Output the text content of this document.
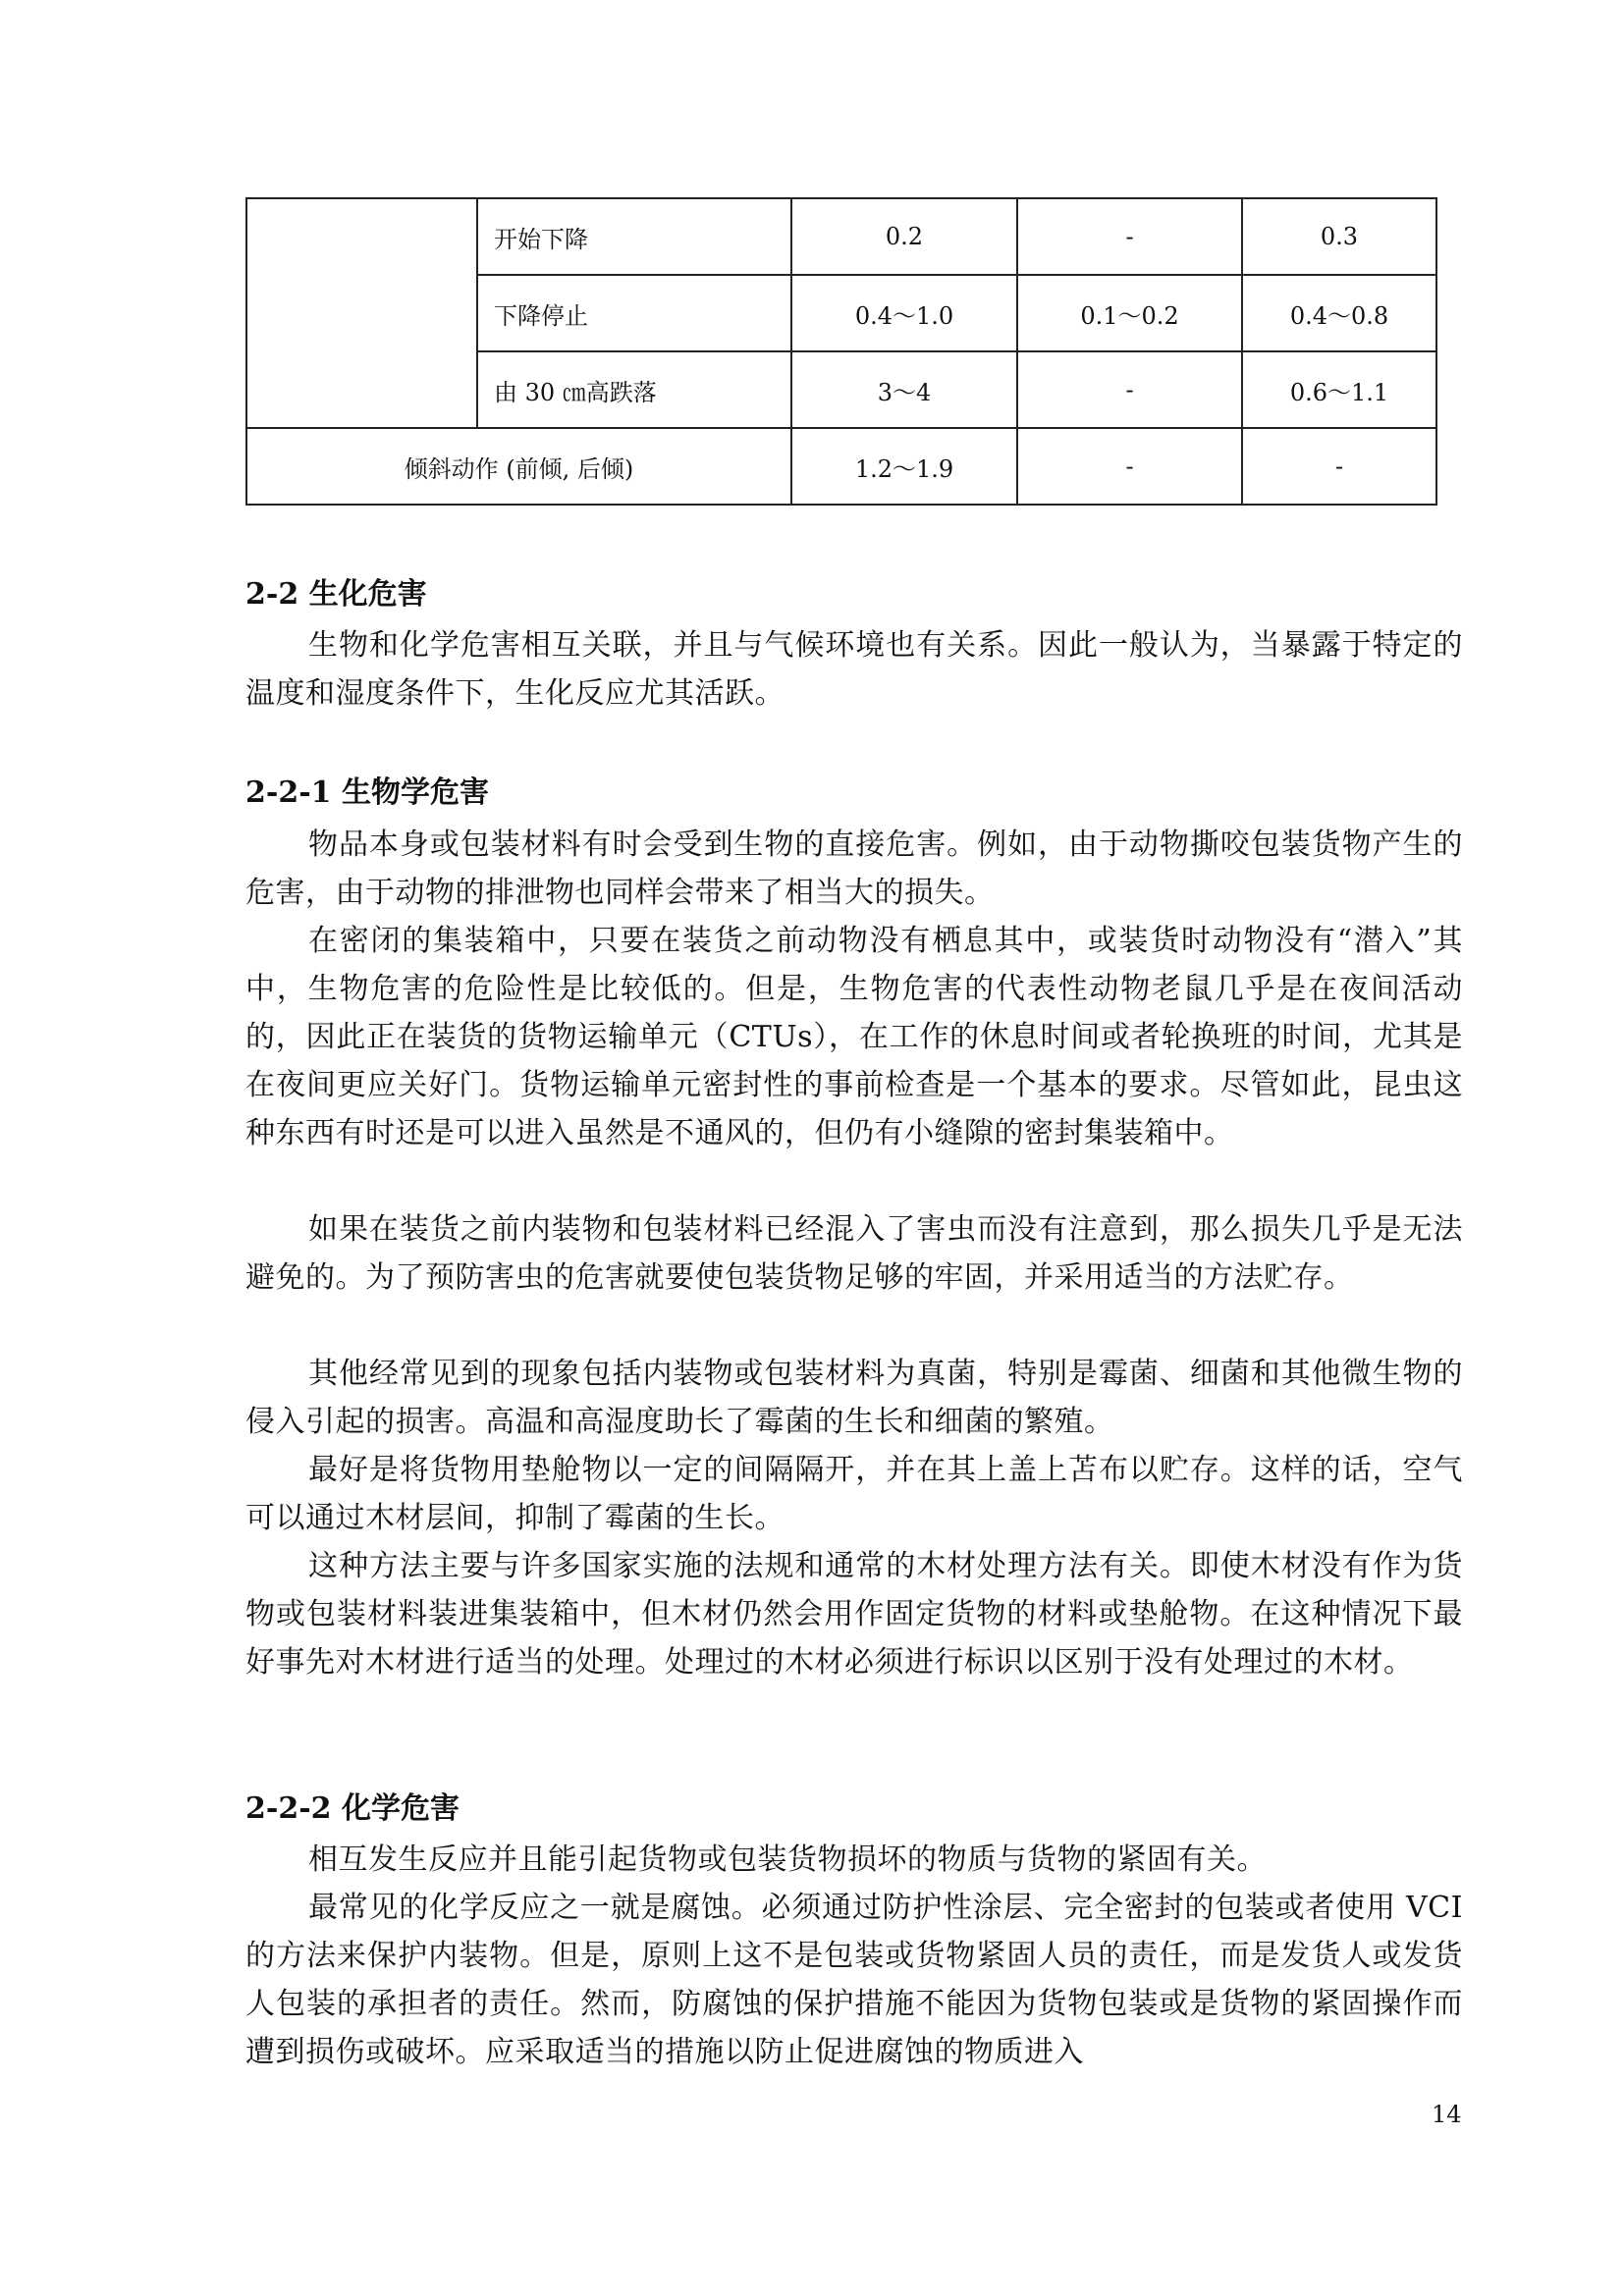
	开始下降	0.2	-	0.3
	下降停止	0.4～1.0	0.1～0.2	0.4～0.8
	由 30 ㎝高跌落	3～4	-	0.6～1.1
倾斜动作 (前倾, 后倾)		1.2～1.9	-	-
2-2 生化危害

生物和化学危害相互关联，并且与气候环境也有关系。因此一般认为，当暴露于特定的温度和湿度条件下，生化反应尤其活跃。

2-2-1 生物学危害

物品本身或包装材料有时会受到生物的直接危害。例如，由于动物撕咬包装货物产生的危害，由于动物的排泄物也同样会带来了相当大的损失。

在密闭的集装箱中，只要在装货之前动物没有栖息其中，或装货时动物没有“潜入”其中，生物危害的危险性是比较低的。但是，生物危害的代表性动物老鼠几乎是在夜间活动的，因此正在装货的货物运输单元（CTUs），在工作的休息时间或者轮换班的时间，尤其是在夜间更应关好门。货物运输单元密封性的事前检查是一个基本的要求。尽管如此，昆虫这种东西有时还是可以进入虽然是不通风的，但仍有小缝隙的密封集装箱中。

如果在装货之前内装物和包装材料已经混入了害虫而没有注意到，那么损失几乎是无法避免的。为了预防害虫的危害就要使包装货物足够的牢固，并采用适当的方法贮存。

其他经常见到的现象包括内装物或包装材料为真菌，特别是霉菌、细菌和其他微生物的侵入引起的损害。高温和高湿度助长了霉菌的生长和细菌的繁殖。

最好是将货物用垫舱物以一定的间隔隔开，并在其上盖上苫布以贮存。这样的话，空气可以通过木材层间，抑制了霉菌的生长。

这种方法主要与许多国家实施的法规和通常的木材处理方法有关。即使木材没有作为货物或包装材料装进集装箱中，但木材仍然会用作固定货物的材料或垫舱物。在这种情况下最好事先对木材进行适当的处理。处理过的木材必须进行标识以区别于没有处理过的木材。

2-2-2 化学危害

相互发生反应并且能引起货物或包装货物损坏的物质与货物的紧固有关。

最常见的化学反应之一就是腐蚀。必须通过防护性涂层、完全密封的包装或者使用 VCI 的方法来保护内装物。但是，原则上这不是包装或货物紧固人员的责任，而是发货人或发货人包装的承担者的责任。然而，防腐蚀的保护措施不能因为货物包装或是货物的紧固操作而遭到损伤或破坏。应采取适当的措施以防止促进腐蚀的物质进入

14
